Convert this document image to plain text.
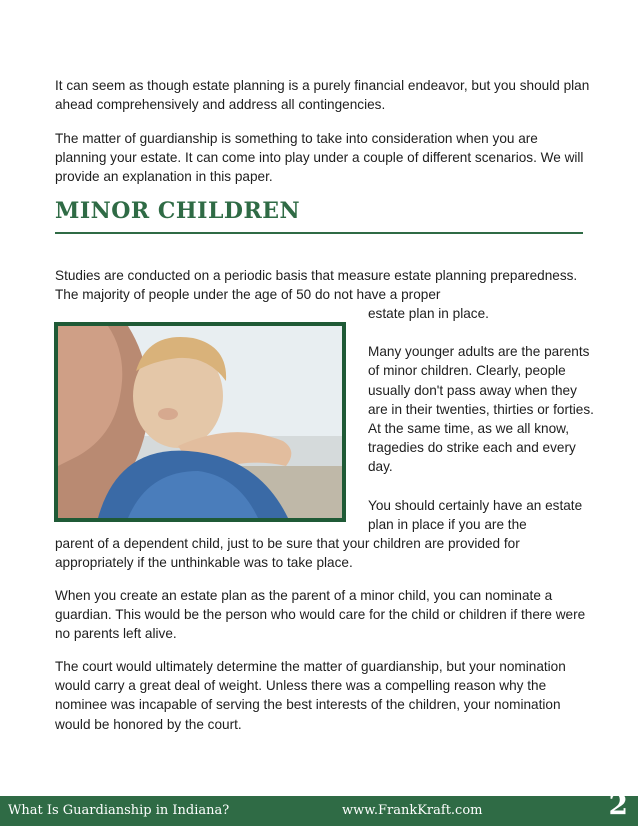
It can seem as though estate planning is a purely financial endeavor, but you should plan ahead comprehensively and address all contingencies.

The matter of guardianship is something to take into consideration when you are planning your estate. It can come into play under a couple of different scenarios. We will provide an explanation in this paper.

MINOR CHILDREN

Studies are conducted on a periodic basis that measure estate planning preparedness. The majority of people under the age of 50 do not have a proper

estate plan in place.

Many younger adults are the parents of minor children. Clearly, people usually don't pass away when they are in their twenties, thirties or forties. At the same time, as we all know, tragedies do strike each and every day.

You should certainly have an estate plan in place if you are the

parent of a dependent child, just to be sure that your children are provided for appropriately if the unthinkable was to take place.

When you create an estate plan as the parent of a minor child, you can nominate a guardian. This would be the person who would care for the child or children if there were no parents left alive.

The court would ultimately determine the matter of guardianship, but your nomination would carry a great deal of weight. Unless there was a compelling reason why the nominee was incapable of serving the best interests of the children, your nomination would be honored by the court.

What Is Guardianship in Indiana?	www.FrankKraft.com	2
